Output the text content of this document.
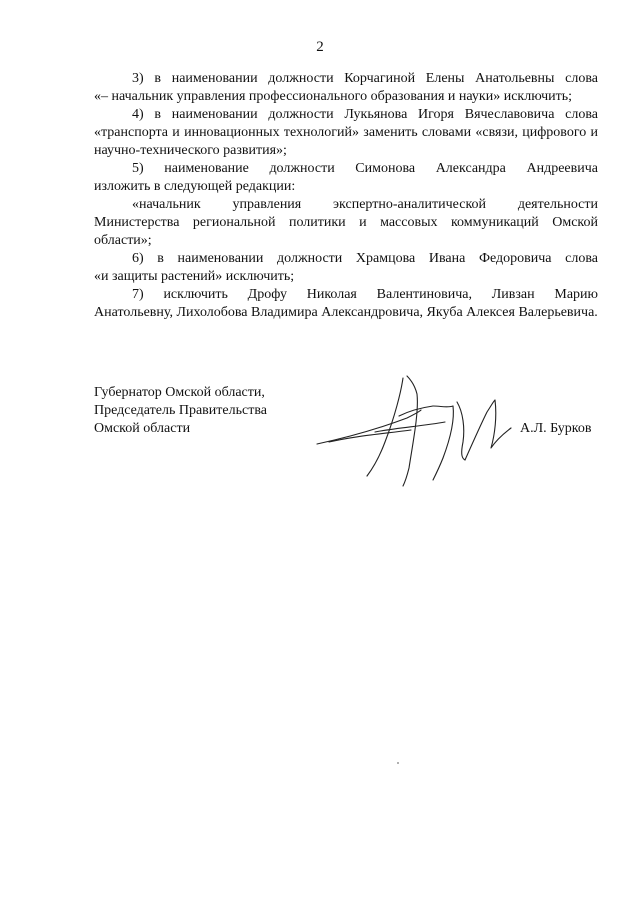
2

3) в наименовании должности Корчагиной Елены Анатольевны слова
«– начальник управления профессионального образования и науки» исключить;

4) в наименовании должности Лукьянова Игоря Вячеславовича слова
«транспорта и инновационных технологий» заменить словами «связи, цифрового и научно-технического развития»;

5) наименование должности Симонова Александра Андреевича
изложить в следующей редакции:

«начальник управления экспертно-аналитической деятельности
Министерства региональной политики и массовых коммуникаций Омской области»;

6) в наименовании должности Храмцова Ивана Федоровича слова
«и защиты растений» исключить;

7) исключить Дрофу Николая Валентиновича, Ливзан Марию
Анатольевну, Лихолобова Владимира Александровича, Якуба Алексея Валерьевича.

Губернатор Омской области,
Председатель Правительства
Омской области	А.Л. Бурков
